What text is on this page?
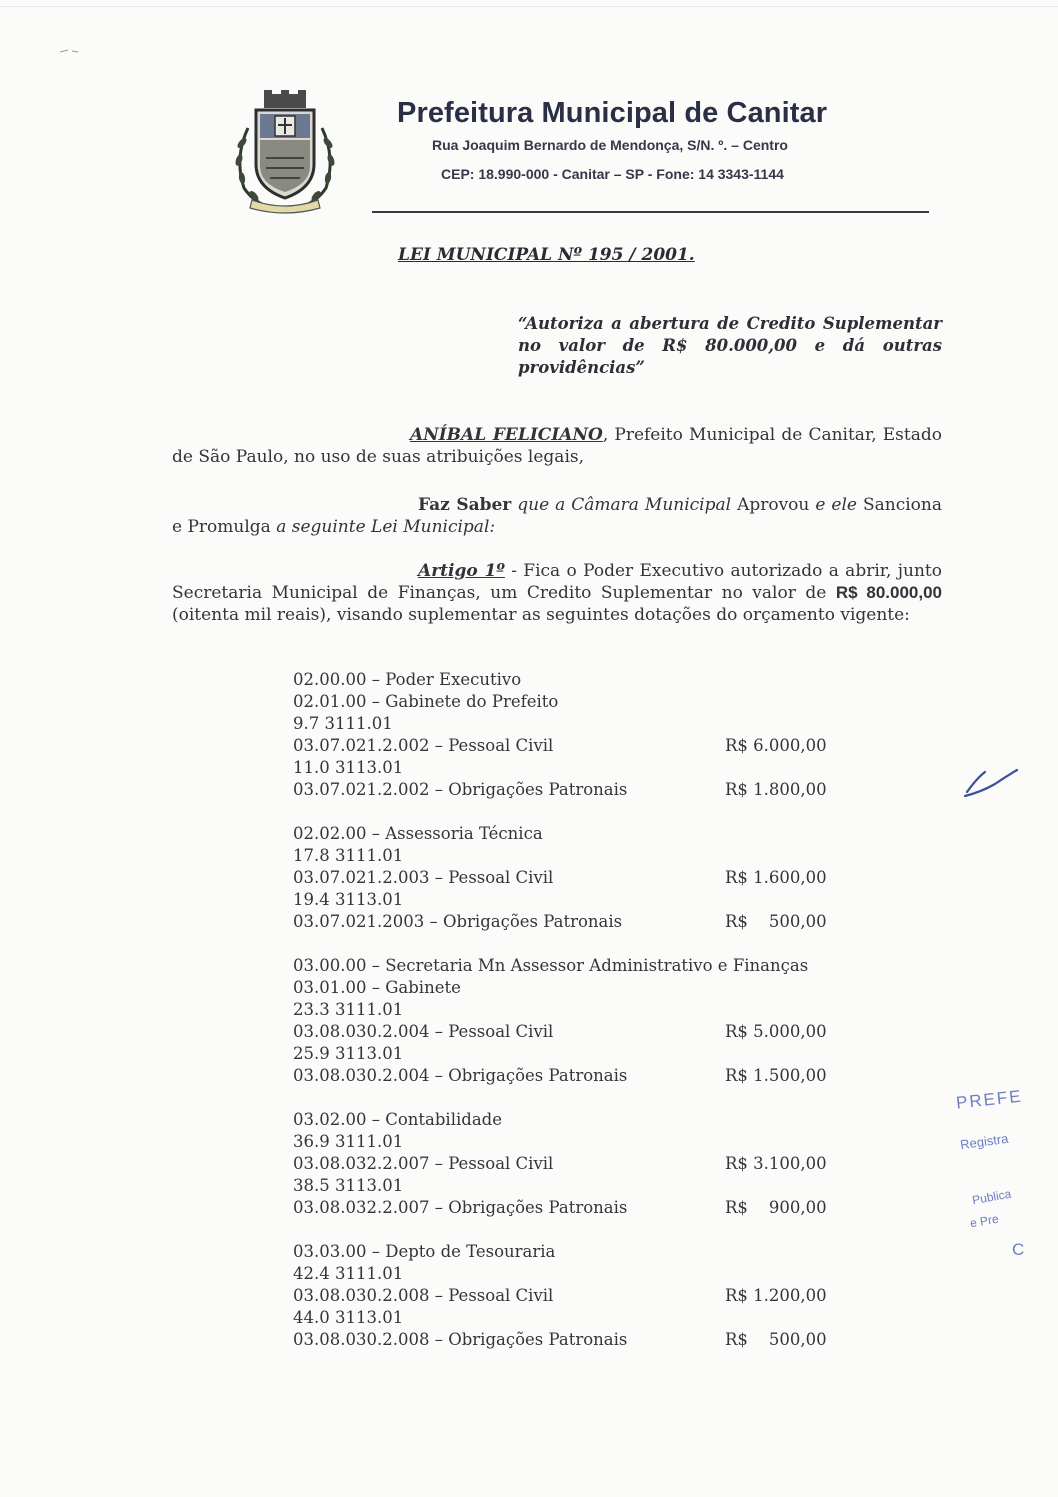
Prefeitura Municipal de Canitar
Rua Joaquim Bernardo de Mendonça, S/N. º. – Centro
CEP: 18.990-000 - Canitar – SP - Fone: 14 3343-1144
LEI MUNICIPAL Nº 195 / 2001.
“Autoriza a abertura de Credito Suplementar no valor de R$ 80.000,00 e dá outras providências”
ANÍBAL FELICIANO, Prefeito Municipal de Canitar, Estado de São Paulo, no uso de suas atribuições legais,
Faz Saber que a Câmara Municipal Aprovou e ele Sanciona e Promulga a seguinte Lei Municipal:
Artigo 1º - Fica o Poder Executivo autorizado a abrir, junto Secretaria Municipal de Finanças, um Credito Suplementar no valor de R$ 80.000,00 (oitenta mil reais), visando suplementar as seguintes dotações do orçamento vigente:
02.00.00 – Poder Executivo
02.01.00 – Gabinete do Prefeito
9.7 3111.01
03.07.021.2.002 – Pessoal Civil	R$ 6.000,00
11.0 3113.01
03.07.021.2.002 – Obrigações Patronais	R$ 1.800,00
02.02.00 – Assessoria Técnica
17.8 3111.01
03.07.021.2.003 – Pessoal Civil	R$ 1.600,00
19.4 3113.01
03.07.021.2003 – Obrigações Patronais	R$    500,00
03.00.00 – Secretaria Mn Assessor Administrativo e Finanças
03.01.00 – Gabinete
23.3 3111.01
03.08.030.2.004 – Pessoal Civil	R$ 5.000,00
25.9 3113.01
03.08.030.2.004 – Obrigações Patronais	R$ 1.500,00
03.02.00 – Contabilidade
36.9 3111.01
03.08.032.2.007 – Pessoal Civil	R$ 3.100,00
38.5 3113.01
03.08.032.2.007 – Obrigações Patronais	R$    900,00
03.03.00 – Depto de Tesouraria
42.4 3111.01
03.08.030.2.008 – Pessoal Civil	R$ 1.200,00
44.0 3113.01
03.08.030.2.008 – Obrigações Patronais	R$    500,00
PREFE
Registra
Publica
e Pre
C
